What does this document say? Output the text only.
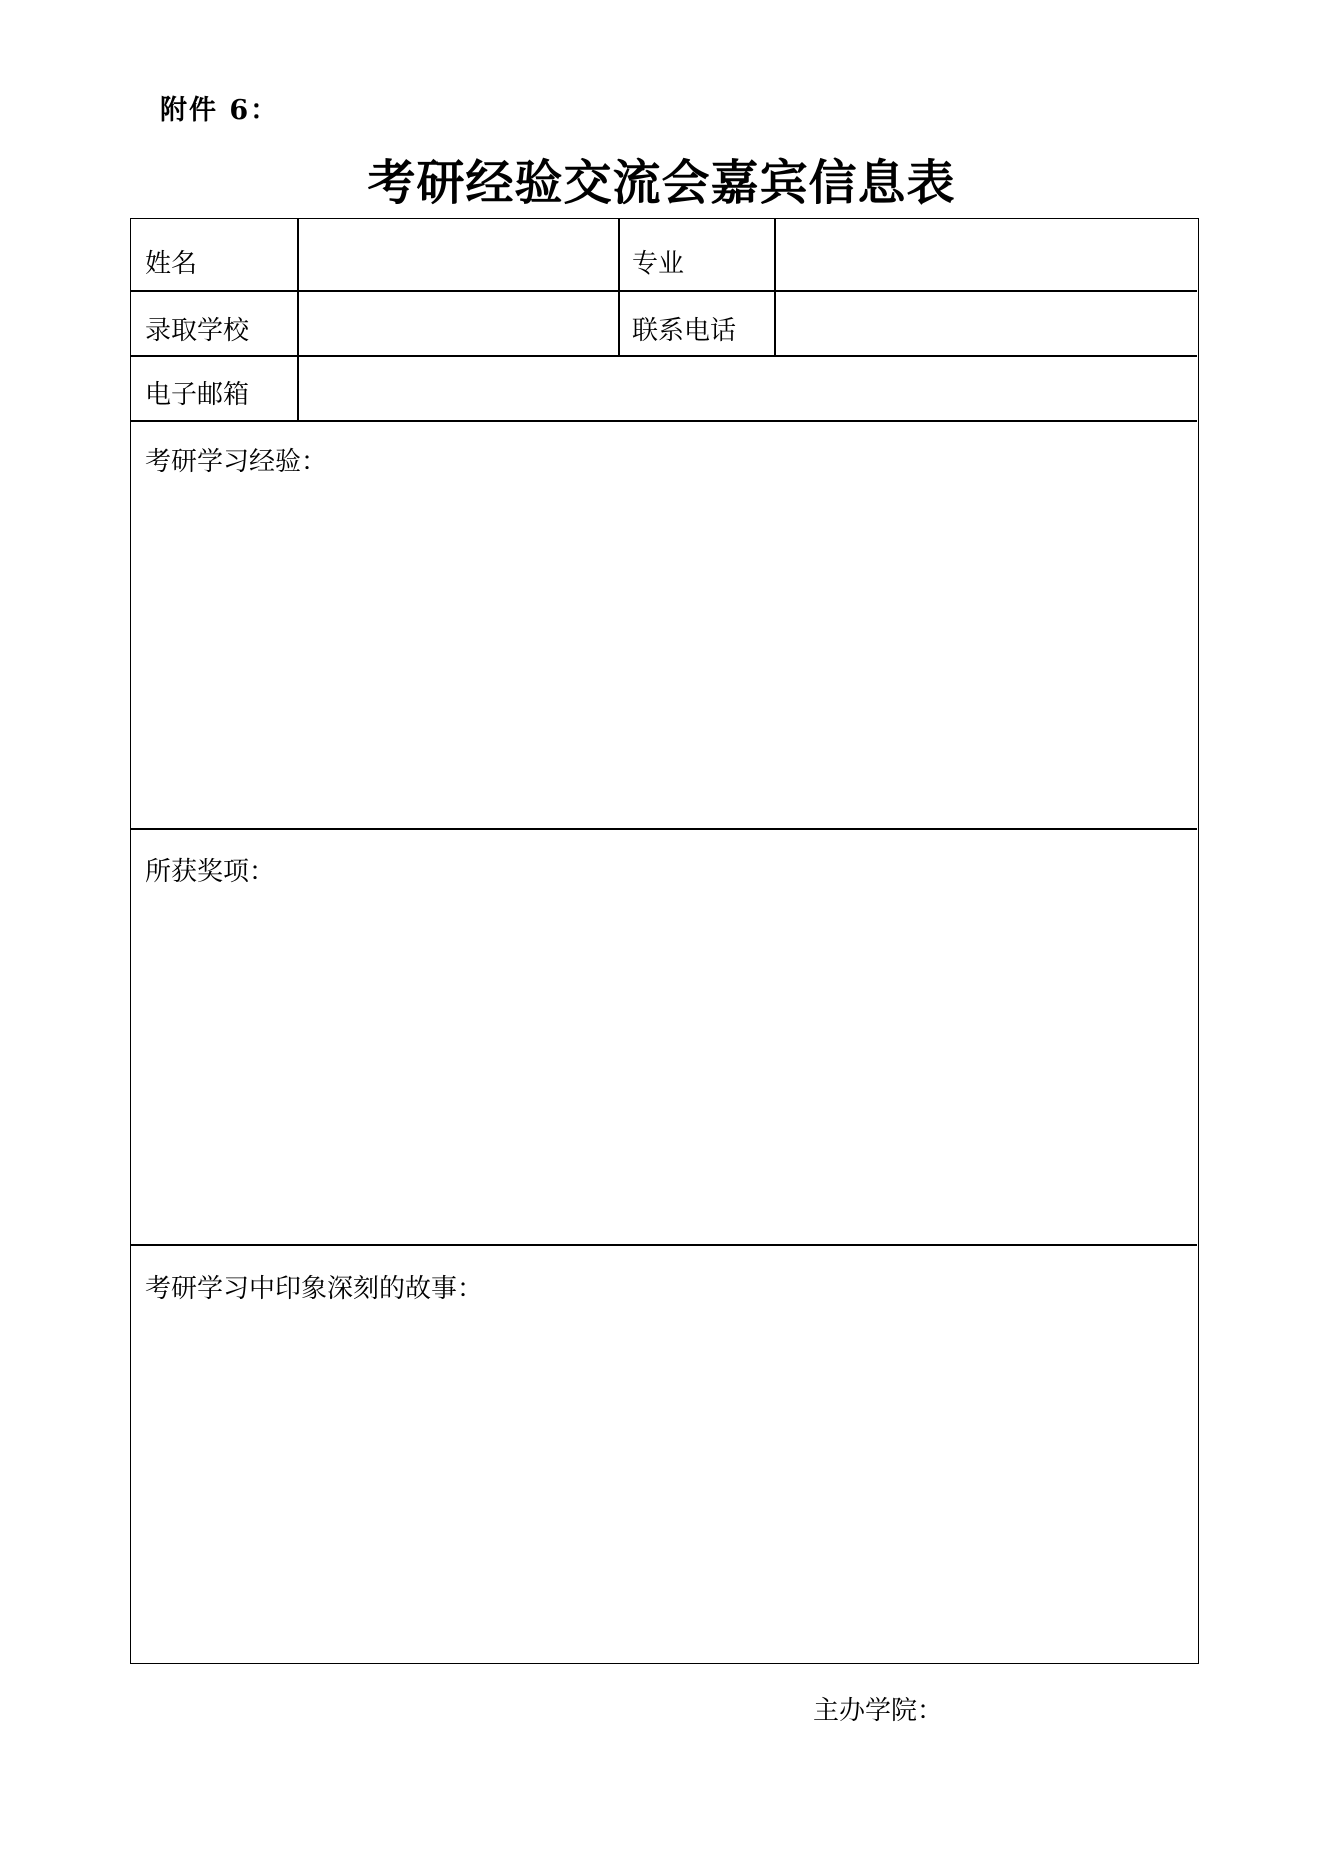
附件 6：
考研经验交流会嘉宾信息表
姓名	专业
录取学校	联系电话
电子邮箱
考研学习经验：
所获奖项：
考研学习中印象深刻的故事：
主办学院：
